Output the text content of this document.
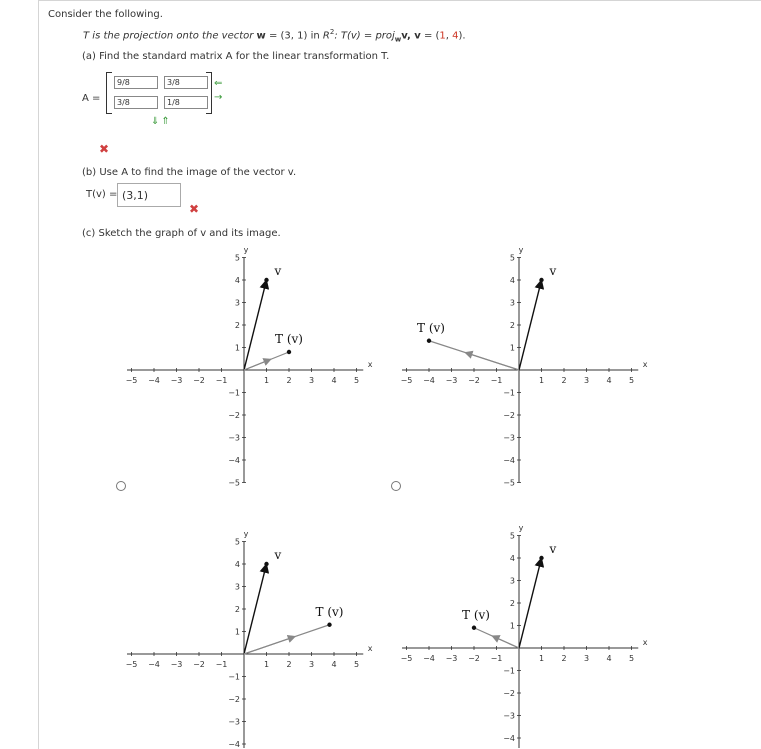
Consider the following.
T is the projection onto the vector w = (3, 1) in $R^2$: T(v) = proj$_w$v, v = (1, 4).
(a) Find the standard matrix A for the linear transformation T.
A =
9/8	3/8
3/8	1/8
⇐
→
⇓⇑
✖
(b) Use A to find the image of the vector v.
T(v) = (3,1)
✖
(c) Sketch the graph of v and its image.
−5 −4 −3 −2 −1	1 2 3 4 5
−5
−4
−3
−2
−1
1
2
3
4
5
x
y
v
T (v)
−5 −4 −3 −2 −1	1 2 3 4 5
−5
−4
−3
−2
−1
1
2
3
4
5
x
y
v
T (v)
−5 −4 −3 −2 −1	1 2 3 4 5
−4
−3
−2
−1
1
2
3
4
5
x
y
v
T (v)
−5 −4 −3 −2 −1	1 2 3 4 5
−4
−3
−2
−1
1
2
3
4
5
x
y
v
T (v)
